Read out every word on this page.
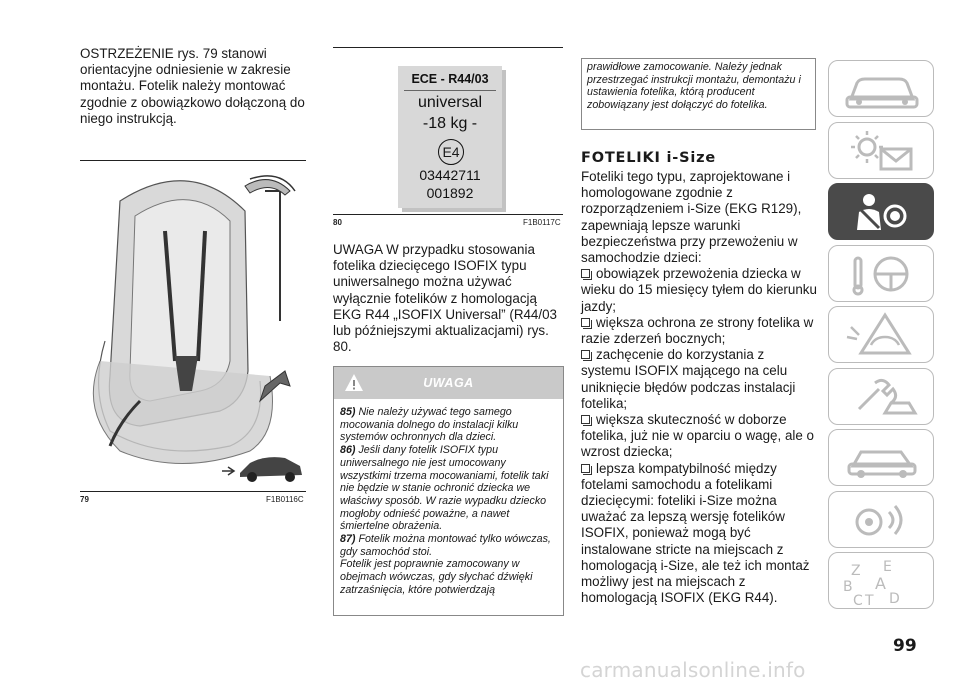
OSTRZEŻENIE rys. 79 stanowi orientacyjne odniesienie w zakresie montażu. Fotelik należy montować zgodnie z obowiązkowo dołączoną do niego instrukcją.
79	F1B0116C
ECE - R44/03
universal
-18 kg -
E4
03442711
001892
80	F1B0117C
UWAGA W przypadku stosowania fotelika dziecięcego ISOFIX typu uniwersalnego można używać wyłącznie fotelików z homologacją EKG R44 „ISOFIX Universal” (R44/03 lub późniejszymi aktualizacjami) rys. 80.
UWAGA
85) Nie należy używać tego samego mocowania dolnego do instalacji kilku systemów ochronnych dla dzieci.
86) Jeśli dany fotelik ISOFIX typu uniwersalnego nie jest umocowany wszystkimi trzema mocowaniami, fotelik taki nie będzie w stanie ochronić dziecka we właściwy sposób. W razie wypadku dziecko mogłoby odnieść poważne, a nawet śmiertelne obrażenia.
87) Fotelik można montować tylko wówczas, gdy samochód stoi.
Fotelik jest poprawnie zamocowany w obejmach wówczas, gdy słychać dźwięki zatrzaśnięcia, które potwierdzają
prawidłowe zamocowanie. Należy jednak przestrzegać instrukcji montażu, demontażu i ustawienia fotelika, którą producent zobowiązany jest dołączyć do fotelika.
FOTELIKI i-Size
Foteliki tego typu, zaprojektowane i homologowane zgodnie z rozporządzeniem i-Size (EKG R129), zapewniają lepsze warunki bezpieczeństwa przy przewożeniu w samochodzie dzieci:
obowiązek przewożenia dziecka w wieku do 15 miesięcy tyłem do kierunku jazdy;
większa ochrona ze strony fotelika w razie zderzeń bocznych;
zachęcenie do korzystania z systemu ISOFIX mającego na celu uniknięcie błędów podczas instalacji fotelika;
większa skuteczność w doborze fotelika, już nie w oparciu o wagę, ale o wzrost dziecka;
lepsza kompatybilność między fotelami samochodu a fotelikami dziecięcymi: foteliki i-Size można uważać za lepszą wersję fotelików ISOFIX, ponieważ mogą być instalowane stricte na miejscach z homologacją i-Size, ale też ich montaż możliwy jest na miejscach z homologacją ISOFIX (EKG R44).
Z E
B A
C T D
99
carmanualsonline.info
